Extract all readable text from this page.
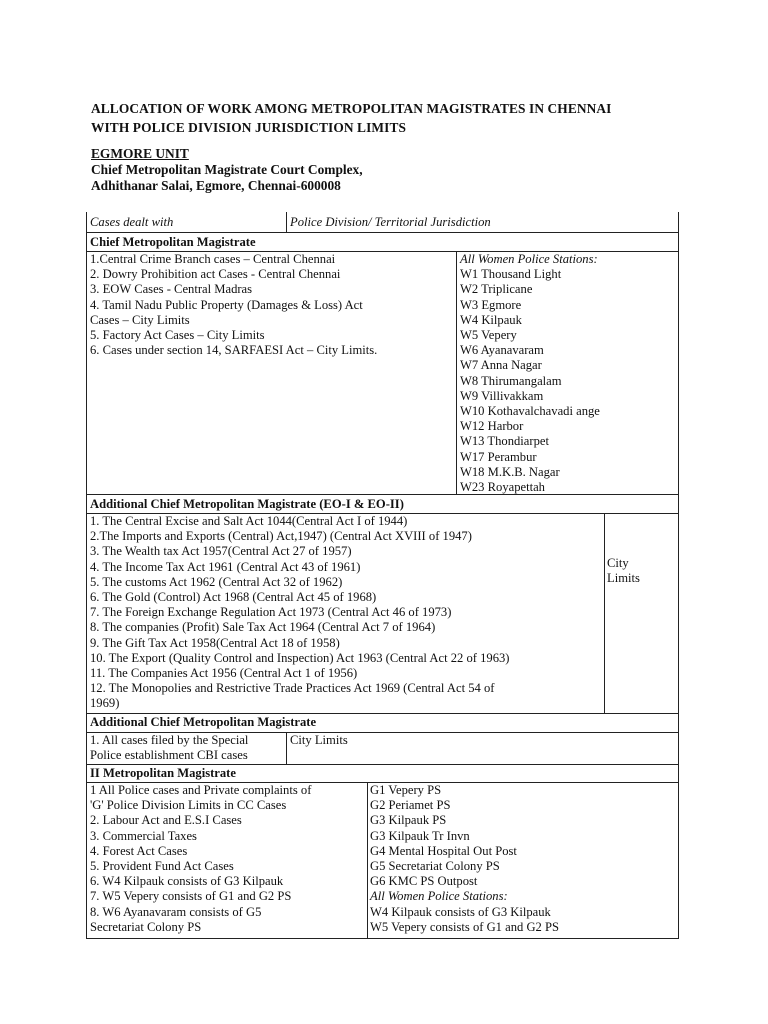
ALLOCATION OF WORK AMONG METROPOLITAN MAGISTRATES IN CHENNAI
WITH POLICE DIVISION JURISDICTION LIMITS
EGMORE UNIT
Chief Metropolitan Magistrate Court Complex,
Adhithanar Salai, Egmore, Chennai-600008
Cases dealt with	Police Division/ Territorial Jurisdiction
Chief Metropolitan Magistrate
1.Central Crime Branch cases – Central Chennai
2. Dowry Prohibition act Cases - Central Chennai
3. EOW Cases - Central Madras
4. Tamil Nadu Public Property (Damages & Loss) Act
Cases – City Limits
5. Factory Act Cases – City Limits
6. Cases under section 14, SARFAESI Act – City Limits.
All Women Police Stations:
W1 Thousand Light
W2 Triplicane
W3 Egmore
W4 Kilpauk
W5 Vepery
W6 Ayanavaram
W7 Anna Nagar
W8 Thirumangalam
W9 Villivakkam
W10 Kothavalchavadi ange
W12 Harbor
W13 Thondiarpet
W17 Perambur
W18 M.K.B. Nagar
W23 Royapettah
Additional Chief Metropolitan Magistrate (EO-I & EO-II)
1. The Central Excise and Salt Act 1044(Central Act I of 1944)
2.The Imports and Exports (Central) Act,1947) (Central Act XVIII of 1947)
3. The Wealth tax Act 1957(Central Act 27 of 1957)
4. The Income Tax Act 1961 (Central Act 43 of 1961)
5. The customs Act 1962 (Central Act 32 of 1962)
6. The Gold (Control) Act 1968 (Central Act 45 of 1968)
7. The Foreign Exchange Regulation Act 1973 (Central Act 46 of 1973)
8. The companies (Profit) Sale Tax Act 1964 (Central Act 7 of 1964)
9. The Gift Tax Act 1958(Central Act 18 of 1958)
10. The Export (Quality Control and Inspection) Act 1963 (Central Act 22 of 1963)
11. The Companies Act 1956 (Central Act 1 of 1956)
12. The Monopolies and Restrictive Trade Practices Act 1969 (Central Act 54 of
1969)
City
Limits
Additional Chief Metropolitan Magistrate
1. All cases filed by the Special
Police establishment CBI cases
City Limits
II Metropolitan Magistrate
1 All Police cases and Private complaints of
'G' Police Division Limits in CC Cases
2. Labour Act and E.S.I Cases
3. Commercial Taxes
4. Forest Act Cases
5. Provident Fund Act Cases
6. W4 Kilpauk consists of G3 Kilpauk
7. W5 Vepery consists of G1 and G2 PS
8. W6 Ayanavaram consists of G5
Secretariat Colony PS
G1 Vepery PS
G2 Periamet PS
G3 Kilpauk PS
G3 Kilpauk Tr Invn
G4 Mental Hospital Out Post
G5 Secretariat Colony PS
G6 KMC PS Outpost
All Women Police Stations:
W4 Kilpauk consists of G3 Kilpauk
W5 Vepery consists of G1 and G2 PS
